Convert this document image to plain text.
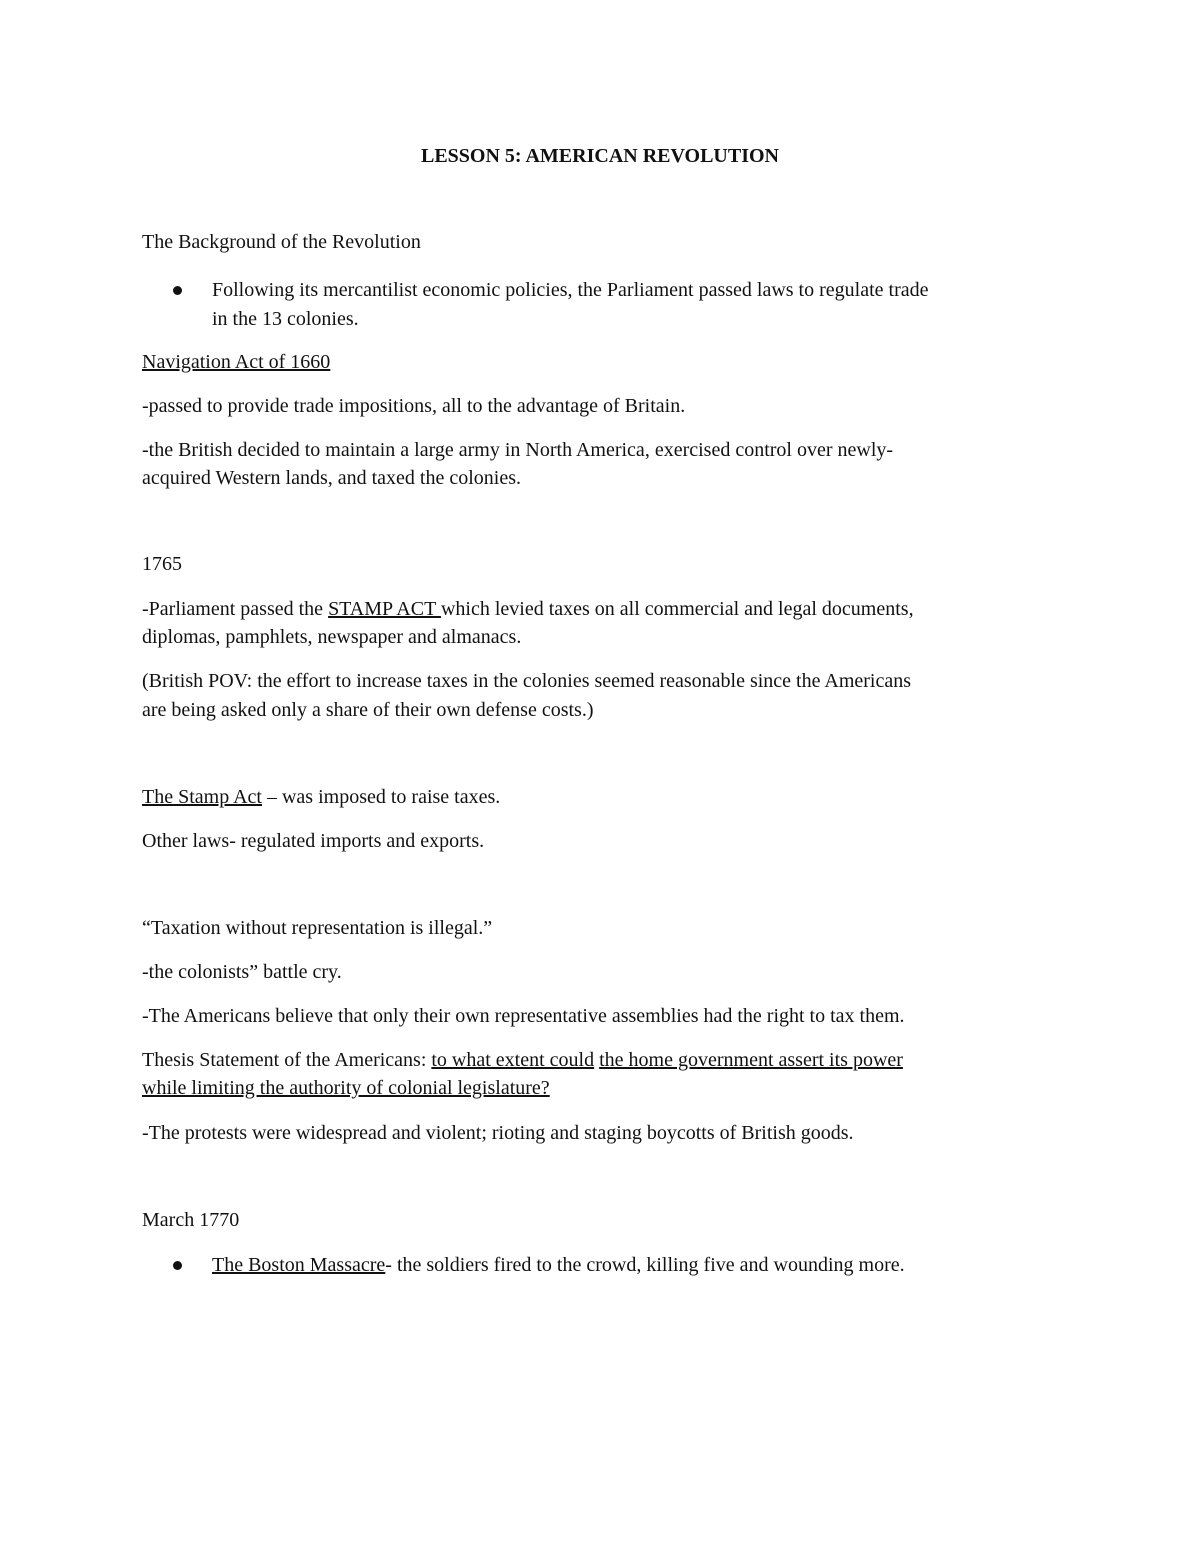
LESSON 5: AMERICAN REVOLUTION
The Background of the Revolution
Following its mercantilist economic policies, the Parliament passed laws to regulate trade
in the 13 colonies.
Navigation Act of 1660
-passed to provide trade impositions, all to the advantage of Britain.
-the British decided to maintain a large army in North America, exercised control over newly-
acquired Western lands, and taxed the colonies.
1765
-Parliament passed the STAMP ACT which levied taxes on all commercial and legal documents,
diplomas, pamphlets, newspaper and almanacs.
(British POV: the effort to increase taxes in the colonies seemed reasonable since the Americans
are being asked only a share of their own defense costs.)
The Stamp Act – was imposed to raise taxes.
Other laws- regulated imports and exports.
“Taxation without representation is illegal.”
-the colonists” battle cry.
-The Americans believe that only their own representative assemblies had the right to tax them.
Thesis Statement of the Americans: to what extent could the home government assert its power
while limiting the authority of colonial legislature?
-The protests were widespread and violent; rioting and staging boycotts of British goods.
March 1770
The Boston Massacre- the soldiers fired to the crowd, killing five and wounding more.
